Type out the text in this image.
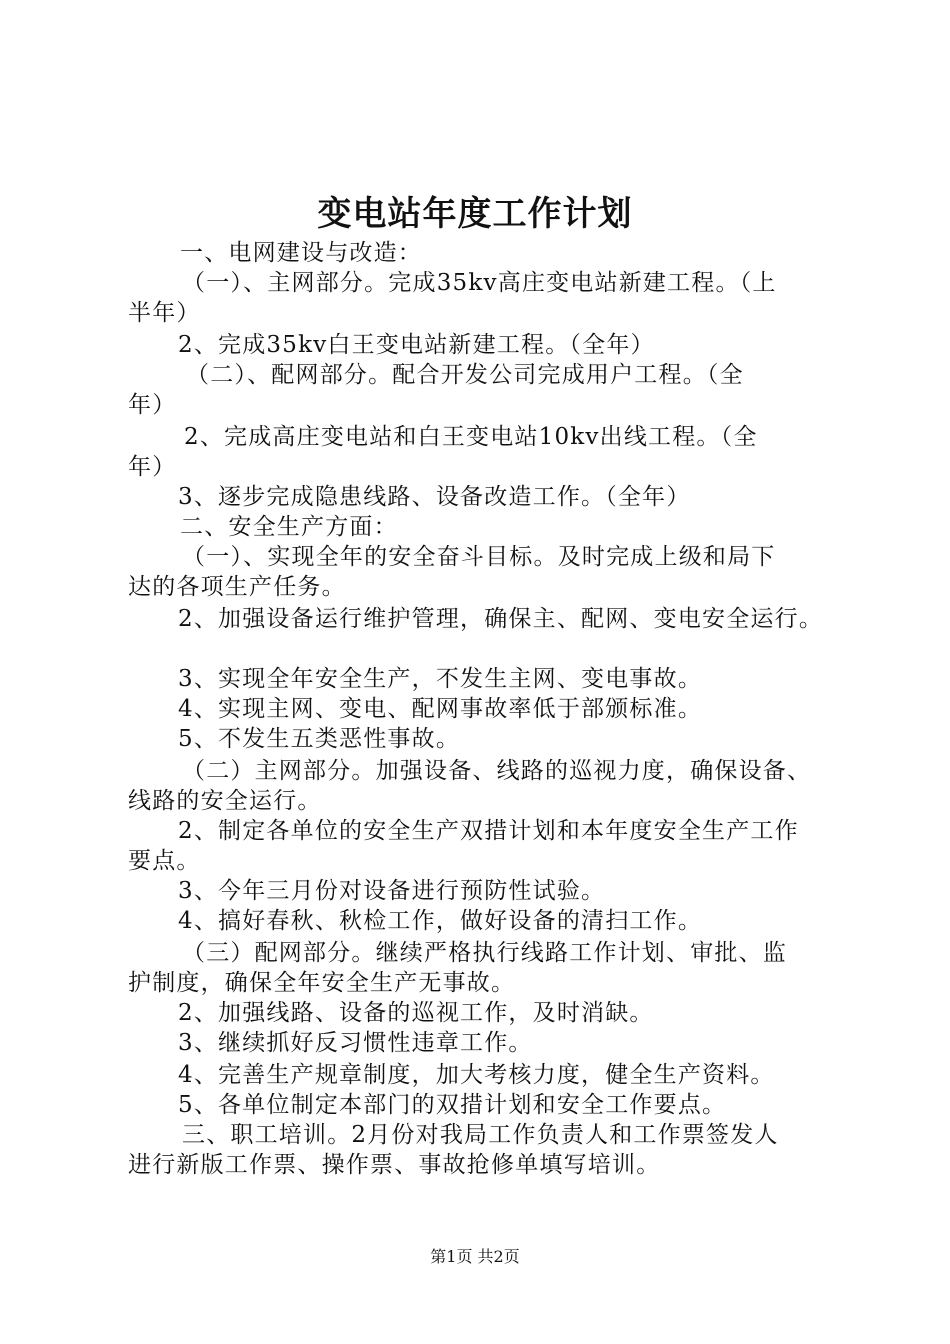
变电站年度工作计划
一、电网建设与改造：
（一）、主网部分。完成35kv高庄变电站新建工程。（上
半年）
2、完成35kv白王变电站新建工程。（全年）
（二）、配网部分。配合开发公司完成用户工程。（全
年）
2、完成高庄变电站和白王变电站10kv出线工程。（全
年）
3、逐步完成隐患线路、设备改造工作。（全年）
二、安全生产方面：
（一）、实现全年的安全奋斗目标。及时完成上级和局下
达的各项生产任务。
2、加强设备运行维护管理，确保主、配网、变电安全运行。
3、实现全年安全生产，不发生主网、变电事故。
4、实现主网、变电、配网事故率低于部颁标准。
5、不发生五类恶性事故。
（二）主网部分。加强设备、线路的巡视力度，确保设备、
线路的安全运行。
2、制定各单位的安全生产双措计划和本年度安全生产工作
要点。
3、今年三月份对设备进行预防性试验。
4、搞好春秋、秋检工作，做好设备的清扫工作。
（三）配网部分。继续严格执行线路工作计划、审批、监
护制度，确保全年安全生产无事故。
2、加强线路、设备的巡视工作，及时消缺。
3、继续抓好反习惯性违章工作。
4、完善生产规章制度，加大考核力度，健全生产资料。
5、各单位制定本部门的双措计划和安全工作要点。
三、职工培训。2月份对我局工作负责人和工作票签发人
进行新版工作票、操作票、事故抢修单填写培训。
第1页 共2页
